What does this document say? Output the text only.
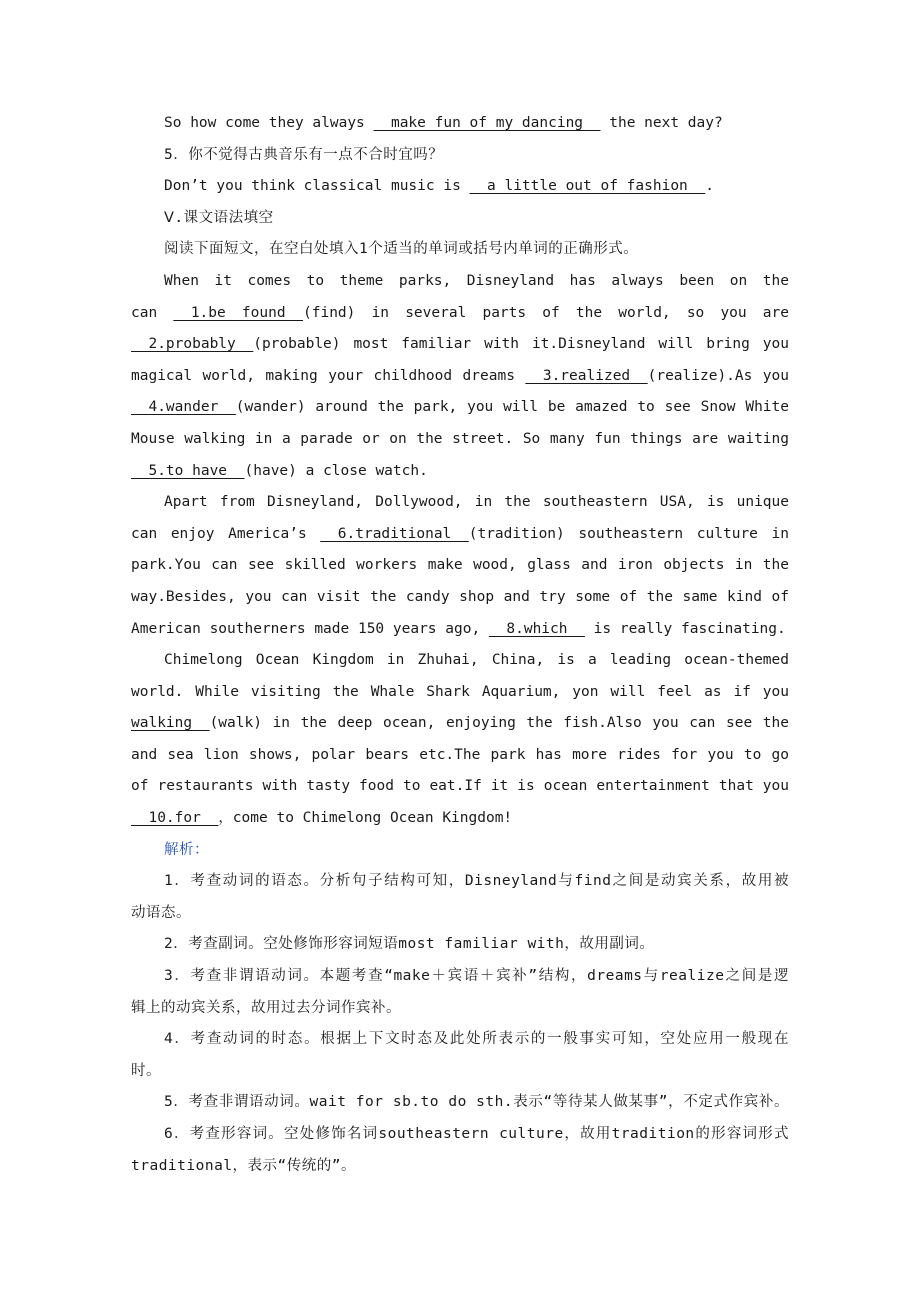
So how come they always __make fun of my dancing__ the next day?
5．你不觉得古典音乐有一点不合时宜吗？
Don’t you think classical music is __a little out of fashion__.
Ⅴ.课文语法填空
阅读下面短文，在空白处填入1个适当的单词或括号内单词的正确形式。
When it comes to theme parks, Disneyland has always been on the
can __1.be found__(find) in several parts of the world, so you are
__2.probably__(probable) most familiar with it.Disneyland will bring you
magical world, making your childhood dreams __3.realized__(realize).As you
__4.wander__(wander) around the park, you will be amazed to see Snow White
Mouse walking in a parade or on the street. So many fun things are waiting
__5.to have__(have) a close watch.
Apart from Disneyland, Dollywood, in the southeastern USA, is unique
can enjoy America’s __6.traditional__(tradition) southeastern culture in
park.You can see skilled workers make wood, glass and iron objects in the
way.Besides, you can visit the candy shop and try some of the same kind of
American southerners made 150 years ago, __8.which__ is really fascinating.
Chimelong Ocean Kingdom in Zhuhai, China, is a leading ocean-themed
world. While visiting the Whale Shark Aquarium, yon will feel as if you
walking__(walk) in the deep ocean, enjoying the fish.Also you can see the
and sea lion shows, polar bears etc.The park has more rides for you to go
of restaurants with tasty food to eat.If it is ocean entertainment that you
__10.for__，come to Chimelong Ocean Kingdom!
解析：
1．考查动词的语态。分析句子结构可知，Disneyland与find之间是动宾关系，故用被
动语态。
2．考查副词。空处修饰形容词短语most familiar with，故用副词。
3．考查非谓语动词。本题考查“make＋宾语＋宾补”结构，dreams与realize之间是逻
辑上的动宾关系，故用过去分词作宾补。
4．考查动词的时态。根据上下文时态及此处所表示的一般事实可知，空处应用一般现在
时。
5．考查非谓语动词。wait for sb.to do sth.表示“等待某人做某事”，不定式作宾补。
6．考查形容词。空处修饰名词southeastern culture，故用tradition的形容词形式
traditional，表示“传统的”。
